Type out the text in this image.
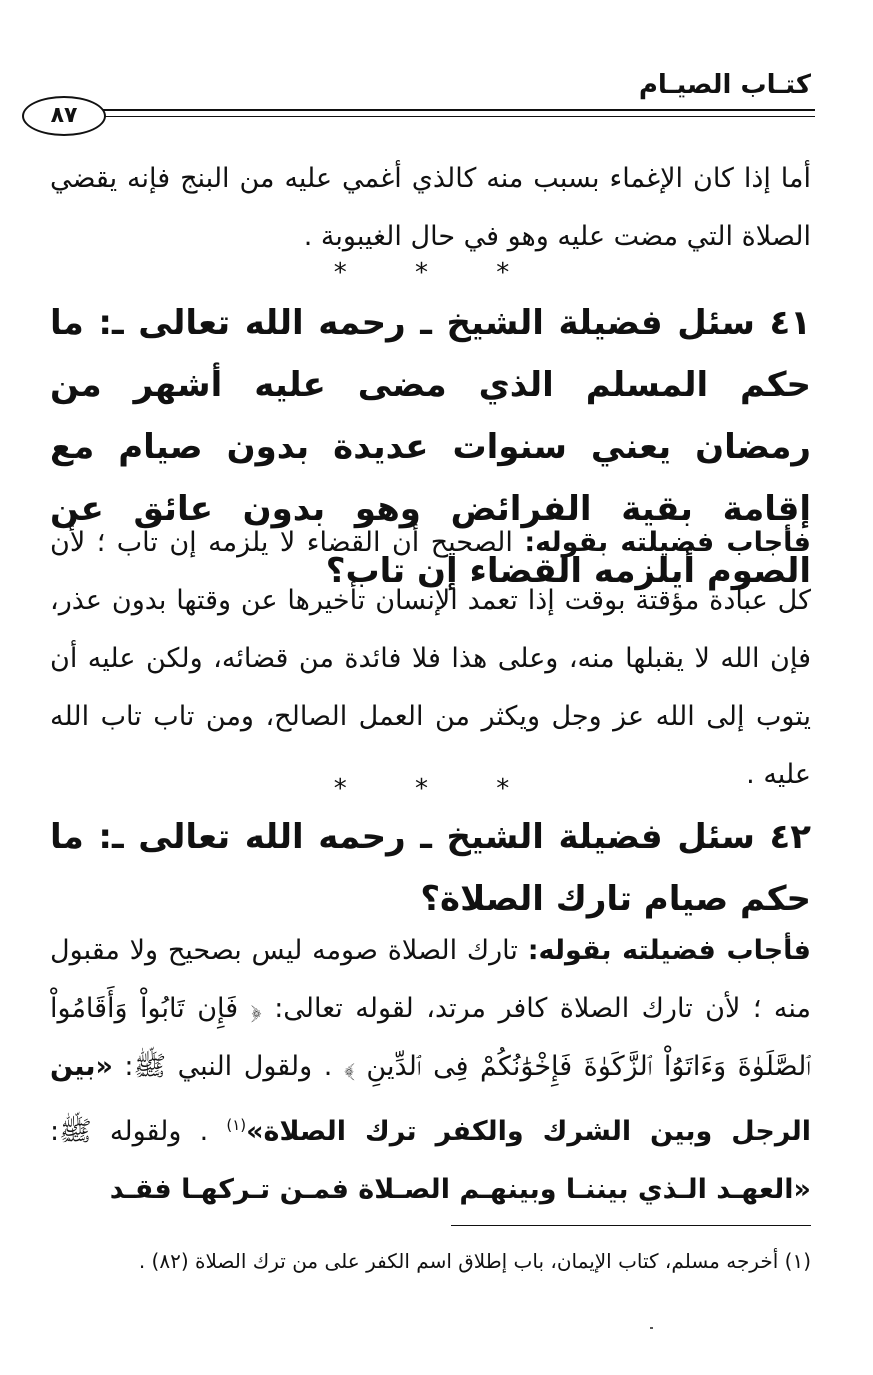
كتـاب الصيـام
٨٧
أما إذا كان الإغماء بسبب منه كالذي أغمي عليه من البنج فإنه يقضي الصلاة التي مضت عليه وهو في حال الغيبوبة .
* * *
٤١ سئل فضيلة الشيخ ـ رحمه الله تعالى ـ: ما حكم المسلم الذي مضى عليه أشهر من رمضان يعني سنوات عديدة بدون صيام مع إقامة بقية الفرائض وهو بدون عائق عن الصوم أيلزمه القضاء إن تاب؟
فأجاب فضيلته بقوله: الصحيح أن القضاء لا يلزمه إن تاب ؛ لأن كل عبادة مؤقتة بوقت إذا تعمد الإنسان تأخيرها عن وقتها بدون عذر، فإن الله لا يقبلها منه، وعلى هذا فلا فائدة من قضائه، ولكن عليه أن يتوب إلى الله عز وجل ويكثر من العمل الصالح، ومن تاب تاب الله عليه .
* * *
٤٢ سئل فضيلة الشيخ ـ رحمه الله تعالى ـ: ما حكم صيام تارك الصلاة؟
فأجاب فضيلته بقوله: تارك الصلاة صومه ليس بصحيح ولا مقبول منه ؛ لأن تارك الصلاة كافر مرتد، لقوله تعالى: ﴿ فَإِن تَابُواْ وَأَقَامُواْ ٱلصَّلَوٰةَ وَءَاتَوُاْ ٱلزَّكَوٰةَ فَإِخْوَٰنُكُمْ فِى ٱلدِّينِ ﴾ . ولقول النبي ﷺ: «بين الرجل وبين الشرك والكفر ترك الصلاة»$^{(١)}$ . ولقوله ﷺ: «العهـد الـذي بيننـا وبينهـم الصـلاة فمـن تـركهـا فقـد
(١) أخرجه مسلم، كتاب الإيمان، باب إطلاق اسم الكفر على من ترك الصلاة (٨٢) .
